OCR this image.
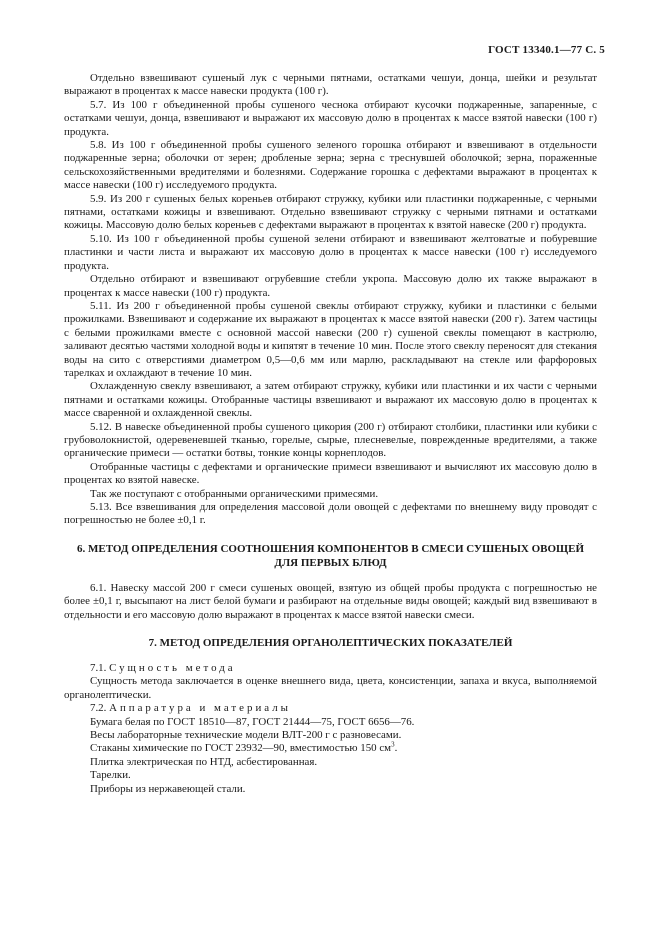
ГОСТ 13340.1—77 С. 5

Отдельно взвешивают сушеный лук с черными пятнами, остатками чешуи, донца, шейки и результат выражают в процентах к массе навески продукта (100 г).

5.7. Из 100 г объединенной пробы сушеного чеснока отбирают кусочки поджаренные, запаренные, с остатками чешуи, донца, взвешивают и выражают их массовую долю в процентах к массе взятой навески (100 г) продукта.

5.8. Из 100 г объединенной пробы сушеного зеленого горошка отбирают и взвешивают в отдельности поджаренные зерна; оболочки от зерен; дробленые зерна; зерна с треснувшей оболочкой; зерна, пораженные сельскохозяйственными вредителями и болезнями. Содержание горошка с дефектами выражают в процентах к массе навески (100 г) исследуемого продукта.

5.9. Из 200 г сушеных белых кореньев отбирают стружку, кубики или пластинки поджаренные, с черными пятнами, остатками кожицы и взвешивают. Отдельно взвешивают стружку с черными пятнами и остатками кожицы. Массовую долю белых кореньев с дефектами выражают в процентах к взятой навеске (200 г) продукта.

5.10. Из 100 г объединенной пробы сушеной зелени отбирают и взвешивают желтоватые и побуревшие пластинки и части листа и выражают их массовую долю в процентах к массе навески (100 г) исследуемого продукта.

Отдельно отбирают и взвешивают огрубевшие стебли укропа. Массовую долю их также выражают в процентах к массе навески (100 г) продукта.

5.11. Из 200 г объединенной пробы сушеной свеклы отбирают стружку, кубики и пластинки с белыми прожилками. Взвешивают и содержание их выражают в процентах к массе взятой навески (200 г). Затем частицы с белыми прожилками вместе с основной массой навески (200 г) сушеной свеклы помещают в кастрюлю, заливают десятью частями холодной воды и кипятят в течение 10 мин. После этого свеклу переносят для стекания воды на сито с отверстиями диаметром 0,5—0,6 мм или марлю, раскладывают на стекле или фарфоровых тарелках и охлаждают в течение 10 мин.

Охлажденную свеклу взвешивают, а затем отбирают стружку, кубики или пластинки и их части с черными пятнами и остатками кожицы. Отобранные частицы взвешивают и выражают их массовую долю в процентах к массе сваренной и охлажденной свеклы.

5.12. В навеске объединенной пробы сушеного цикория (200 г) отбирают столбики, пластинки или кубики с грубоволокнистой, одеревеневшей тканью, горелые, сырые, плесневелые, поврежденные вредителями, а также органические примеси — остатки ботвы, тонкие концы корнеплодов.

Отобранные частицы с дефектами и органические примеси взвешивают и вычисляют их массовую долю в процентах ко взятой навеске.

Так же поступают с отобранными органическими примесями.

5.13. Все взвешивания для определения массовой доли овощей с дефектами по внешнему виду проводят с погрешностью не более ±0,1 г.

6. МЕТОД ОПРЕДЕЛЕНИЯ СООТНОШЕНИЯ КОМПОНЕНТОВ В СМЕСИ СУШЕНЫХ ОВОЩЕЙ ДЛЯ ПЕРВЫХ БЛЮД

6.1. Навеску массой 200 г смеси сушеных овощей, взятую из общей пробы продукта с погрешностью не более ±0,1 г, высыпают на лист белой бумаги и разбирают на отдельные виды овощей; каждый вид взвешивают в отдельности и его массовую долю выражают в процентах к массе взятой навески смеси.

7. МЕТОД ОПРЕДЕЛЕНИЯ ОРГАНОЛЕПТИЧЕСКИХ ПОКАЗАТЕЛЕЙ

7.1. Сущность метода

Сущность метода заключается в оценке внешнего вида, цвета, консистенции, запаха и вкуса, выполняемой органолептически.

7.2. Аппаратура и материалы

Бумага белая по ГОСТ 18510—87, ГОСТ 21444—75, ГОСТ 6656—76.

Весы лабораторные технические модели ВЛТ-200 г с разновесами.

Стаканы химические по ГОСТ 23932—90, вместимостью 150 $см^3$.

Плитка электрическая по НТД, асбестированная.

Тарелки.

Приборы из нержавеющей стали.
